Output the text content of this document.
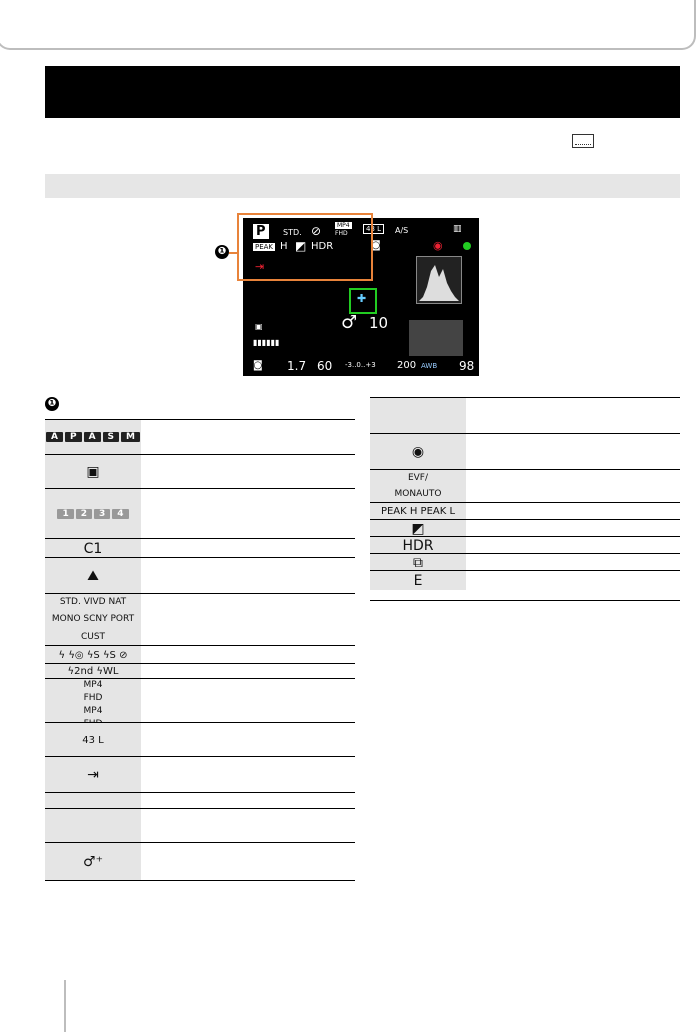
P	STD. ⊘	MP4
FHD
43 L	A/S	▥
PEAK H ◩ HDR	◙	◉
⇥
✚
♂ 10
▣
▮▮▮▮▮▮
◙ 1.7 60 -3..0..+3 200 AWB 98
❶
❶
A	P	A	S	M
▣
1	2	3	4
C1
⛰
STD. VIVD NAT
MONO SCNY PORT
CUST
ϟ ϟ◎ ϟS ϟS ⊘
ϟ2nd ϟWL
MP4
FHD
MP4
43 L
⇥
♂⁺
◉
EVF/
MONAUTO
PEAK H PEAK L
◩
HDR
⧉
E
